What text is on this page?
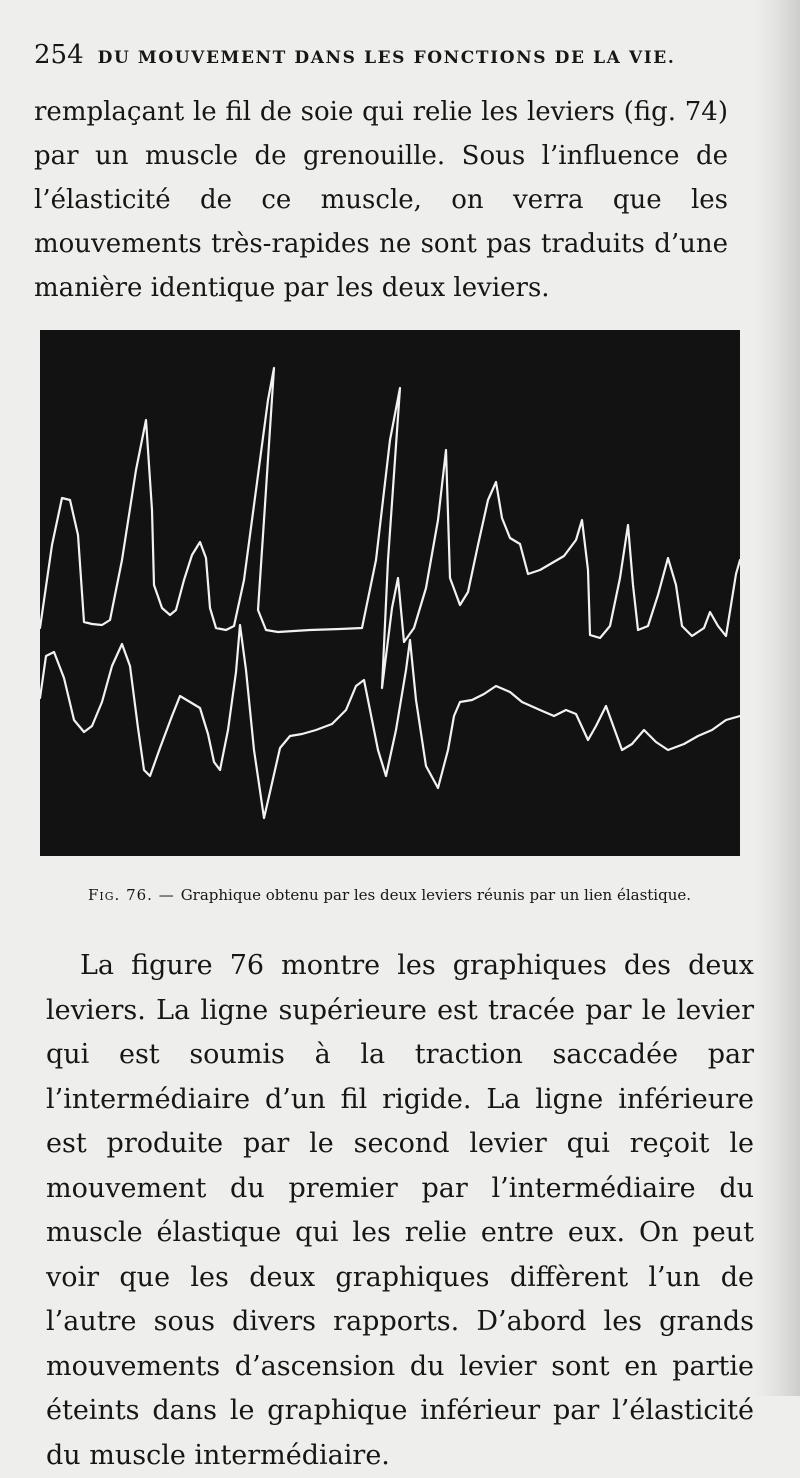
254 DU MOUVEMENT DANS LES FONCTIONS DE LA VIE.

remplaçant le fil de soie qui relie les leviers (fig. 74) par un muscle de grenouille. Sous l’influence de l’élasticité de ce muscle, on verra que les mouvements très-rapides ne sont pas traduits d’une manière identique par les deux leviers.

Fig. 76. — Graphique obtenu par les deux leviers réunis par un lien élastique.

La figure 76 montre les graphiques des deux leviers. La ligne supérieure est tracée par le levier qui est soumis à la traction saccadée par l’intermédiaire d’un fil rigide. La ligne inférieure est produite par le second levier qui reçoit le mouvement du premier par l’intermédiaire du muscle élastique qui les relie entre eux. On peut voir que les deux graphiques diffèrent l’un de l’autre sous divers rapports. D’abord les grands mouvements d’ascension du levier sont en partie éteints dans le graphique inférieur par l’élasticité du muscle intermédiaire.
